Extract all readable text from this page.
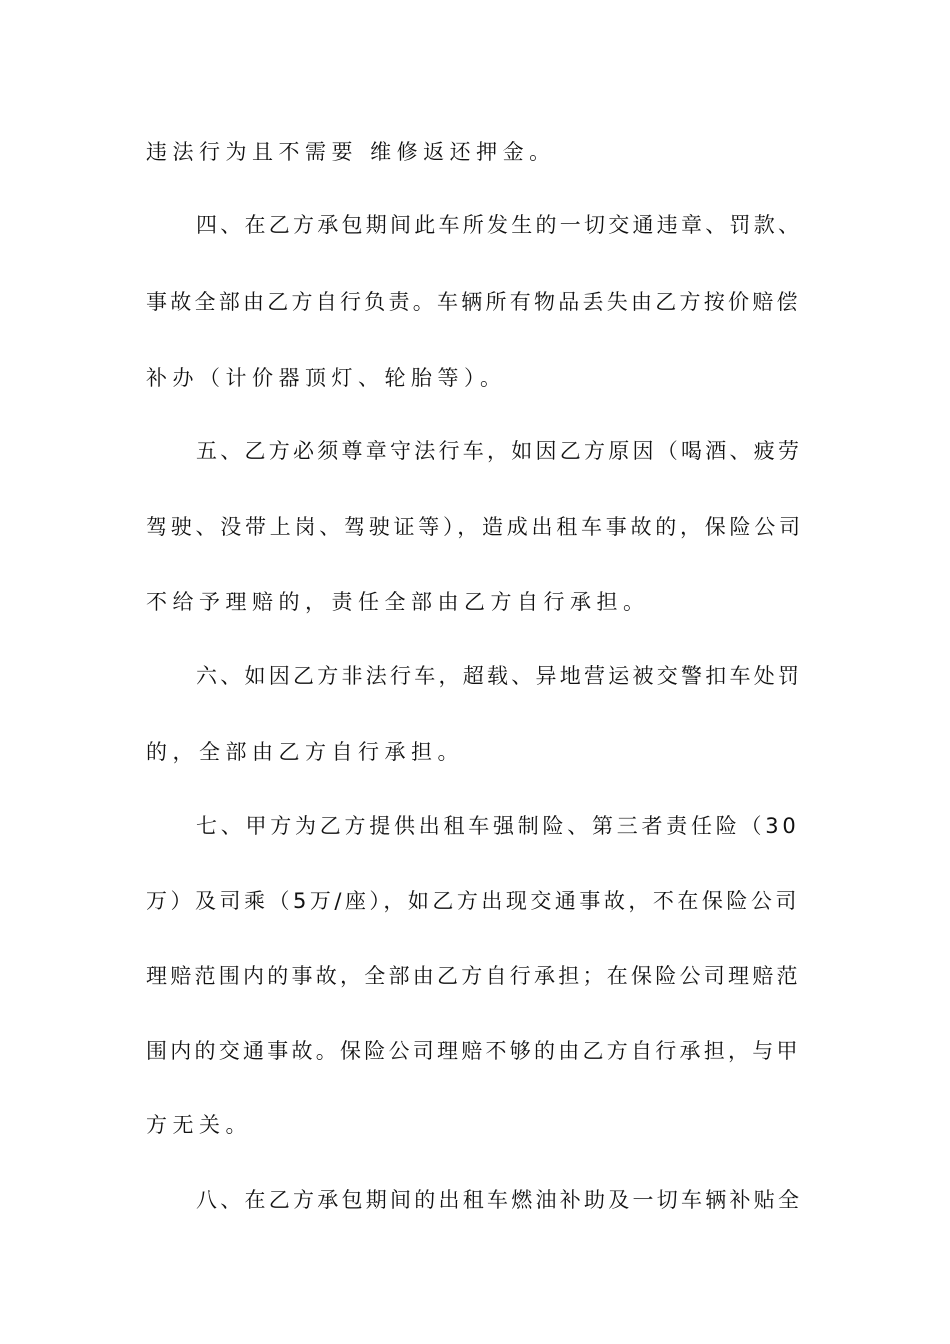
违法行为且不需要 维修返还押金。
四、在乙方承包期间此车所发生的一切交通违章、罚款、
事故全部由乙方自行负责。车辆所有物品丢失由乙方按价赔偿
补办（计价器顶灯、轮胎等）。
五、乙方必须尊章守法行车，如因乙方原因（喝酒、疲劳
驾驶、没带上岗、驾驶证等），造成出租车事故的，保险公司
不给予理赔的，责任全部由乙方自行承担。
六、如因乙方非法行车，超载、异地营运被交警扣车处罚
的，全部由乙方自行承担。
七、甲方为乙方提供出租车强制险、第三者责任险（30
万）及司乘（5万/座），如乙方出现交通事故，不在保险公司
理赔范围内的事故，全部由乙方自行承担；在保险公司理赔范
围内的交通事故。保险公司理赔不够的由乙方自行承担，与甲
方无关。
八、在乙方承包期间的出租车燃油补助及一切车辆补贴全
